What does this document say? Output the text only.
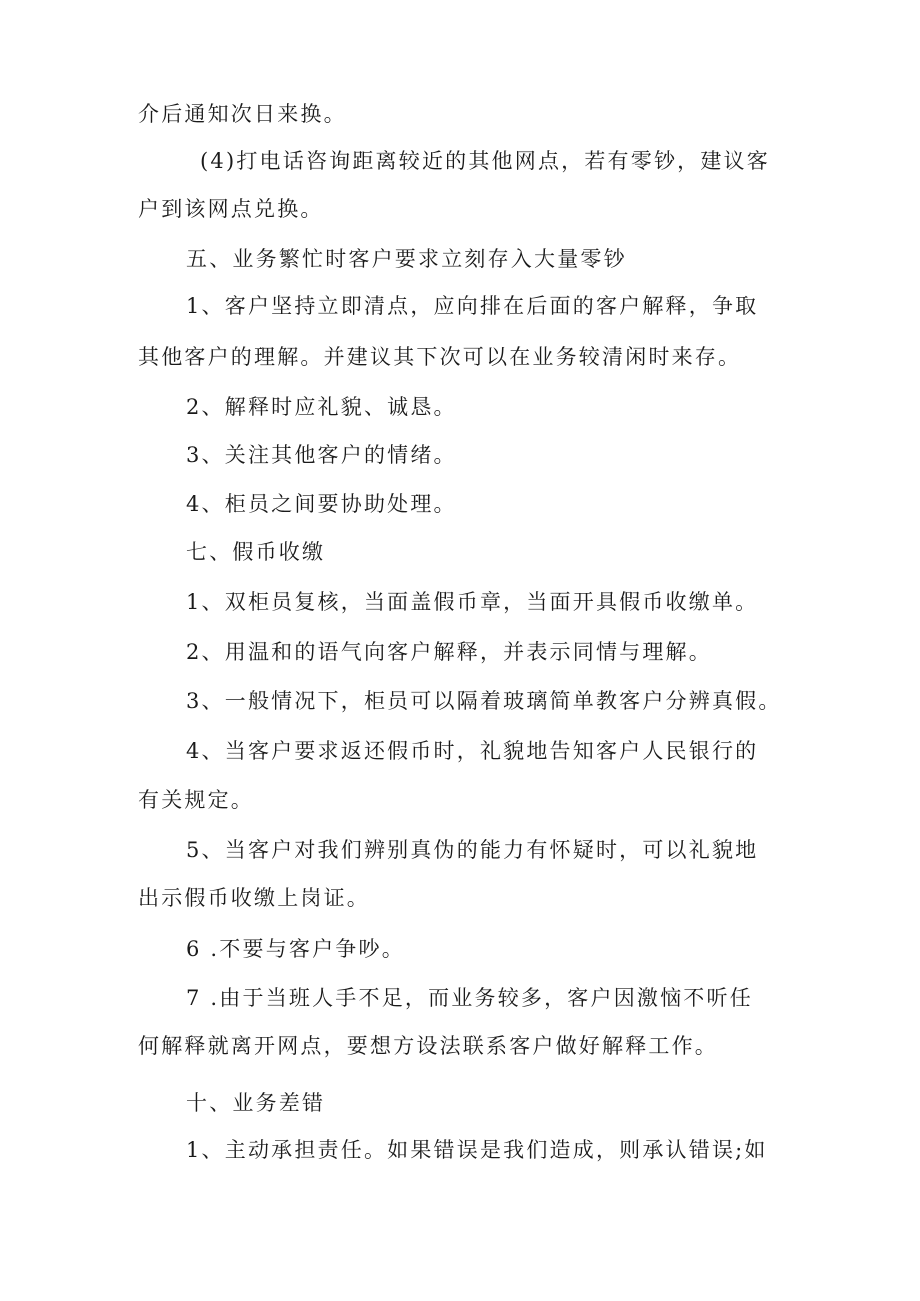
介后通知次日来换。
(4)打电话咨询距离较近的其他网点，若有零钞，建议客
户到该网点兑换。
五、业务繁忙时客户要求立刻存入大量零钞
1、客户坚持立即清点，应向排在后面的客户解释，争取
其他客户的理解。并建议其下次可以在业务较清闲时来存。
2、解释时应礼貌、诚恳。
3、关注其他客户的情绪。
4、柜员之间要协助处理。
七、假币收缴
1、双柜员复核，当面盖假币章，当面开具假币收缴单。
2、用温和的语气向客户解释，并表示同情与理解。
3、一般情况下，柜员可以隔着玻璃简单教客户分辨真假。
4、当客户要求返还假币时，礼貌地告知客户人民银行的
有关规定。
5、当客户对我们辨别真伪的能力有怀疑时，可以礼貌地
出示假币收缴上岗证。
6 .不要与客户争吵。
7 .由于当班人手不足，而业务较多，客户因激恼不听任
何解释就离开网点，要想方设法联系客户做好解释工作。
十、业务差错
1、主动承担责任。如果错误是我们造成，则承认错误;如
